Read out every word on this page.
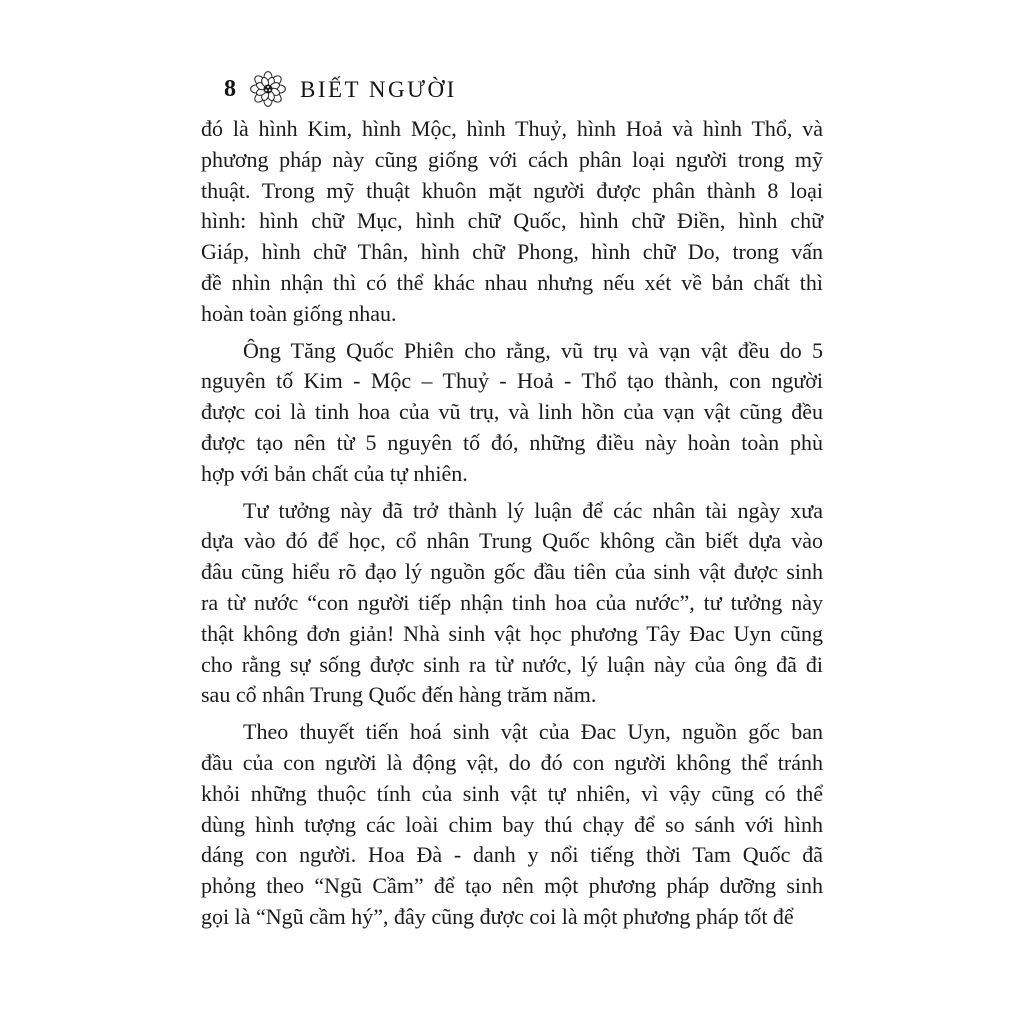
8	BIẾT NGƯỜI
đó là hình Kim, hình Mộc, hình Thuỷ, hình Hoả và hình Thổ, và
phương pháp này cũng giống với cách phân loại người trong mỹ
thuật. Trong mỹ thuật khuôn mặt người được phân thành 8 loại
hình: hình chữ Mục, hình chữ Quốc, hình chữ Điền, hình chữ
Giáp, hình chữ Thân, hình chữ Phong, hình chữ Do, trong vấn
đề nhìn nhận thì có thể khác nhau nhưng nếu xét về bản chất thì
hoàn toàn giống nhau.
Ông Tăng Quốc Phiên cho rằng, vũ trụ và vạn vật đều do 5
nguyên tố Kim - Mộc – Thuỷ - Hoả - Thổ tạo thành, con người
được coi là tinh hoa của vũ trụ, và linh hồn của vạn vật cũng đều
được tạo nên từ 5 nguyên tố đó, những điều này hoàn toàn phù
hợp với bản chất của tự nhiên.
Tư tưởng này đã trở thành lý luận để các nhân tài ngày xưa
dựa vào đó để học, cổ nhân Trung Quốc không cần biết dựa vào
đâu cũng hiểu rõ đạo lý nguồn gốc đầu tiên của sinh vật được sinh
ra từ nước “con người tiếp nhận tinh hoa của nước”, tư tưởng này
thật không đơn giản! Nhà sinh vật học phương Tây Đac Uyn cũng
cho rằng sự sống được sinh ra từ nước, lý luận này của ông đã đi
sau cổ nhân Trung Quốc đến hàng trăm năm.
Theo thuyết tiến hoá sinh vật của Đac Uyn, nguồn gốc ban
đầu của con người là động vật, do đó con người không thể tránh
khỏi những thuộc tính của sinh vật tự nhiên, vì vậy cũng có thể
dùng hình tượng các loài chim bay thú chạy để so sánh với hình
dáng con người. Hoa Đà - danh y nổi tiếng thời Tam Quốc đã
phỏng theo “Ngũ Cầm” để tạo nên một phương pháp dưỡng sinh
gọi là “Ngũ cầm hý”, đây cũng được coi là một phương pháp tốt để
